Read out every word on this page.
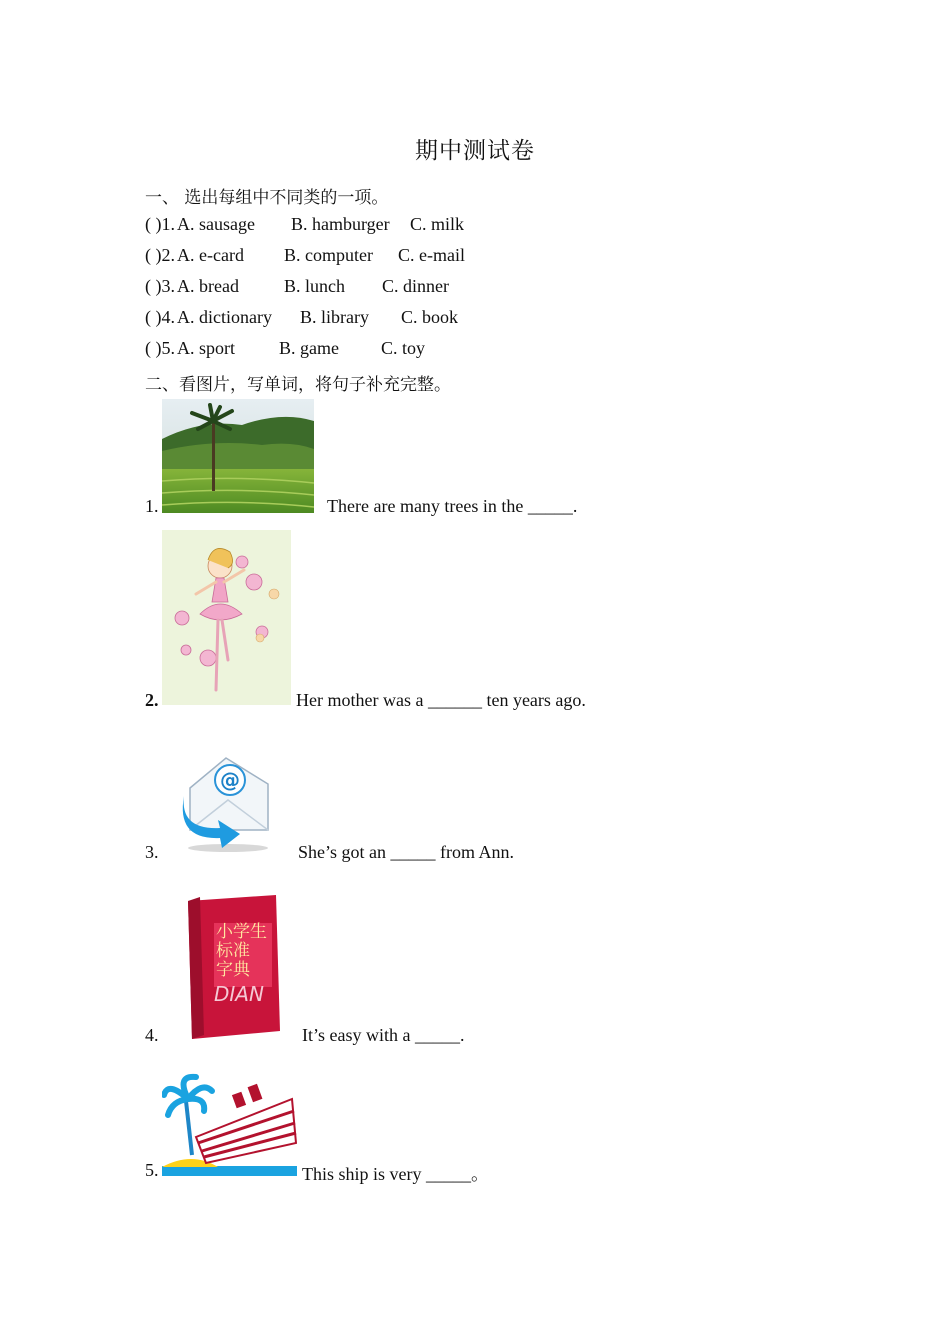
期中测试卷
一、 选出每组中不同类的一项。
( )1. A. sausage B. hamburger C. milk
( )2. A. e-card B. computer C. e-mail
( )3. A. bread	B. lunch C. dinner
( )4. A. dictionary B. library C. book
( )5. A. sport B. game C. toy
二、看图片，写单词，将句子补充完整。
1.	There are many trees in the _____.
2.	Her mother was a ______ ten years ago.
@
3.	She’s got an _____ from Ann.
DIAN
小学生
标准
字典
4.	It’s easy with a _____.
5.	This ship is very _____。
